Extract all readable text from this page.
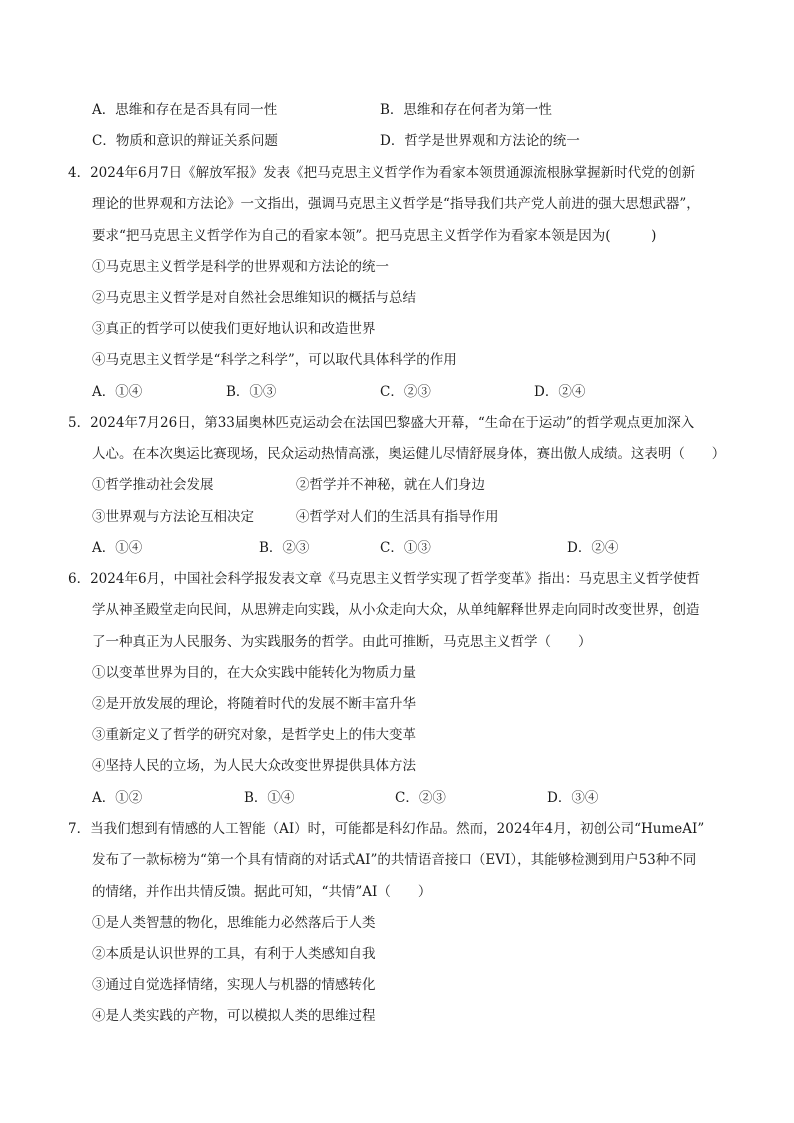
A．思维和存在是否具有同一性	B．思维和存在何者为第一性
C．物质和意识的辩证关系问题	D．哲学是世界观和方法论的统一
4．2024年6月7日《解放军报》发表《把马克思主义哲学作为看家本领贯通源流根脉掌握新时代党的创新
理论的世界观和方法论》一文指出，强调马克思主义哲学是“指导我们共产党人前进的强大思想武器”，
要求“把马克思主义哲学作为自己的看家本领”。把马克思主义哲学作为看家本领是因为(　　　)
①马克思主义哲学是科学的世界观和方法论的统一
②马克思主义哲学是对自然社会思维知识的概括与总结
③真正的哲学可以使我们更好地认识和改造世界
④马克思主义哲学是“科学之科学”，可以取代具体科学的作用
A．①④	B．①③	C．②③	D．②④
5．2024年7月26日，第33届奥林匹克运动会在法国巴黎盛大开幕，“生命在于运动”的哲学观点更加深入
人心。在本次奥运比赛现场，民众运动热情高涨，奥运健儿尽情舒展身体，赛出傲人成绩。这表明（　　）
①哲学推动社会发展	②哲学并不神秘，就在人们身边
③世界观与方法论互相决定	④哲学对人们的生活具有指导作用
A．①④	B．②③	C．①③	D．②④
6．2024年6月，中国社会科学报发表文章《马克思主义哲学实现了哲学变革》指出：马克思主义哲学使哲
学从神圣殿堂走向民间，从思辨走向实践，从小众走向大众，从单纯解释世界走向同时改变世界，创造
了一种真正为人民服务、为实践服务的哲学。由此可推断，马克思主义哲学（　　）
①以变革世界为目的，在大众实践中能转化为物质力量
②是开放发展的理论，将随着时代的发展不断丰富升华
③重新定义了哲学的研究对象，是哲学史上的伟大变革
④坚持人民的立场，为人民大众改变世界提供具体方法
A．①②	B．①④	C．②③	D．③④
7．当我们想到有情感的人工智能（AI）时，可能都是科幻作品。然而，2024年4月，初创公司“HumeAI”
发布了一款标榜为“第一个具有情商的对话式AI”的共情语音接口（EVI），其能够检测到用户53种不同
的情绪，并作出共情反馈。据此可知，“共情”AI（　　）
①是人类智慧的物化，思维能力必然落后于人类
②本质是认识世界的工具，有利于人类感知自我
③通过自觉选择情绪，实现人与机器的情感转化
④是人类实践的产物，可以模拟人类的思维过程
